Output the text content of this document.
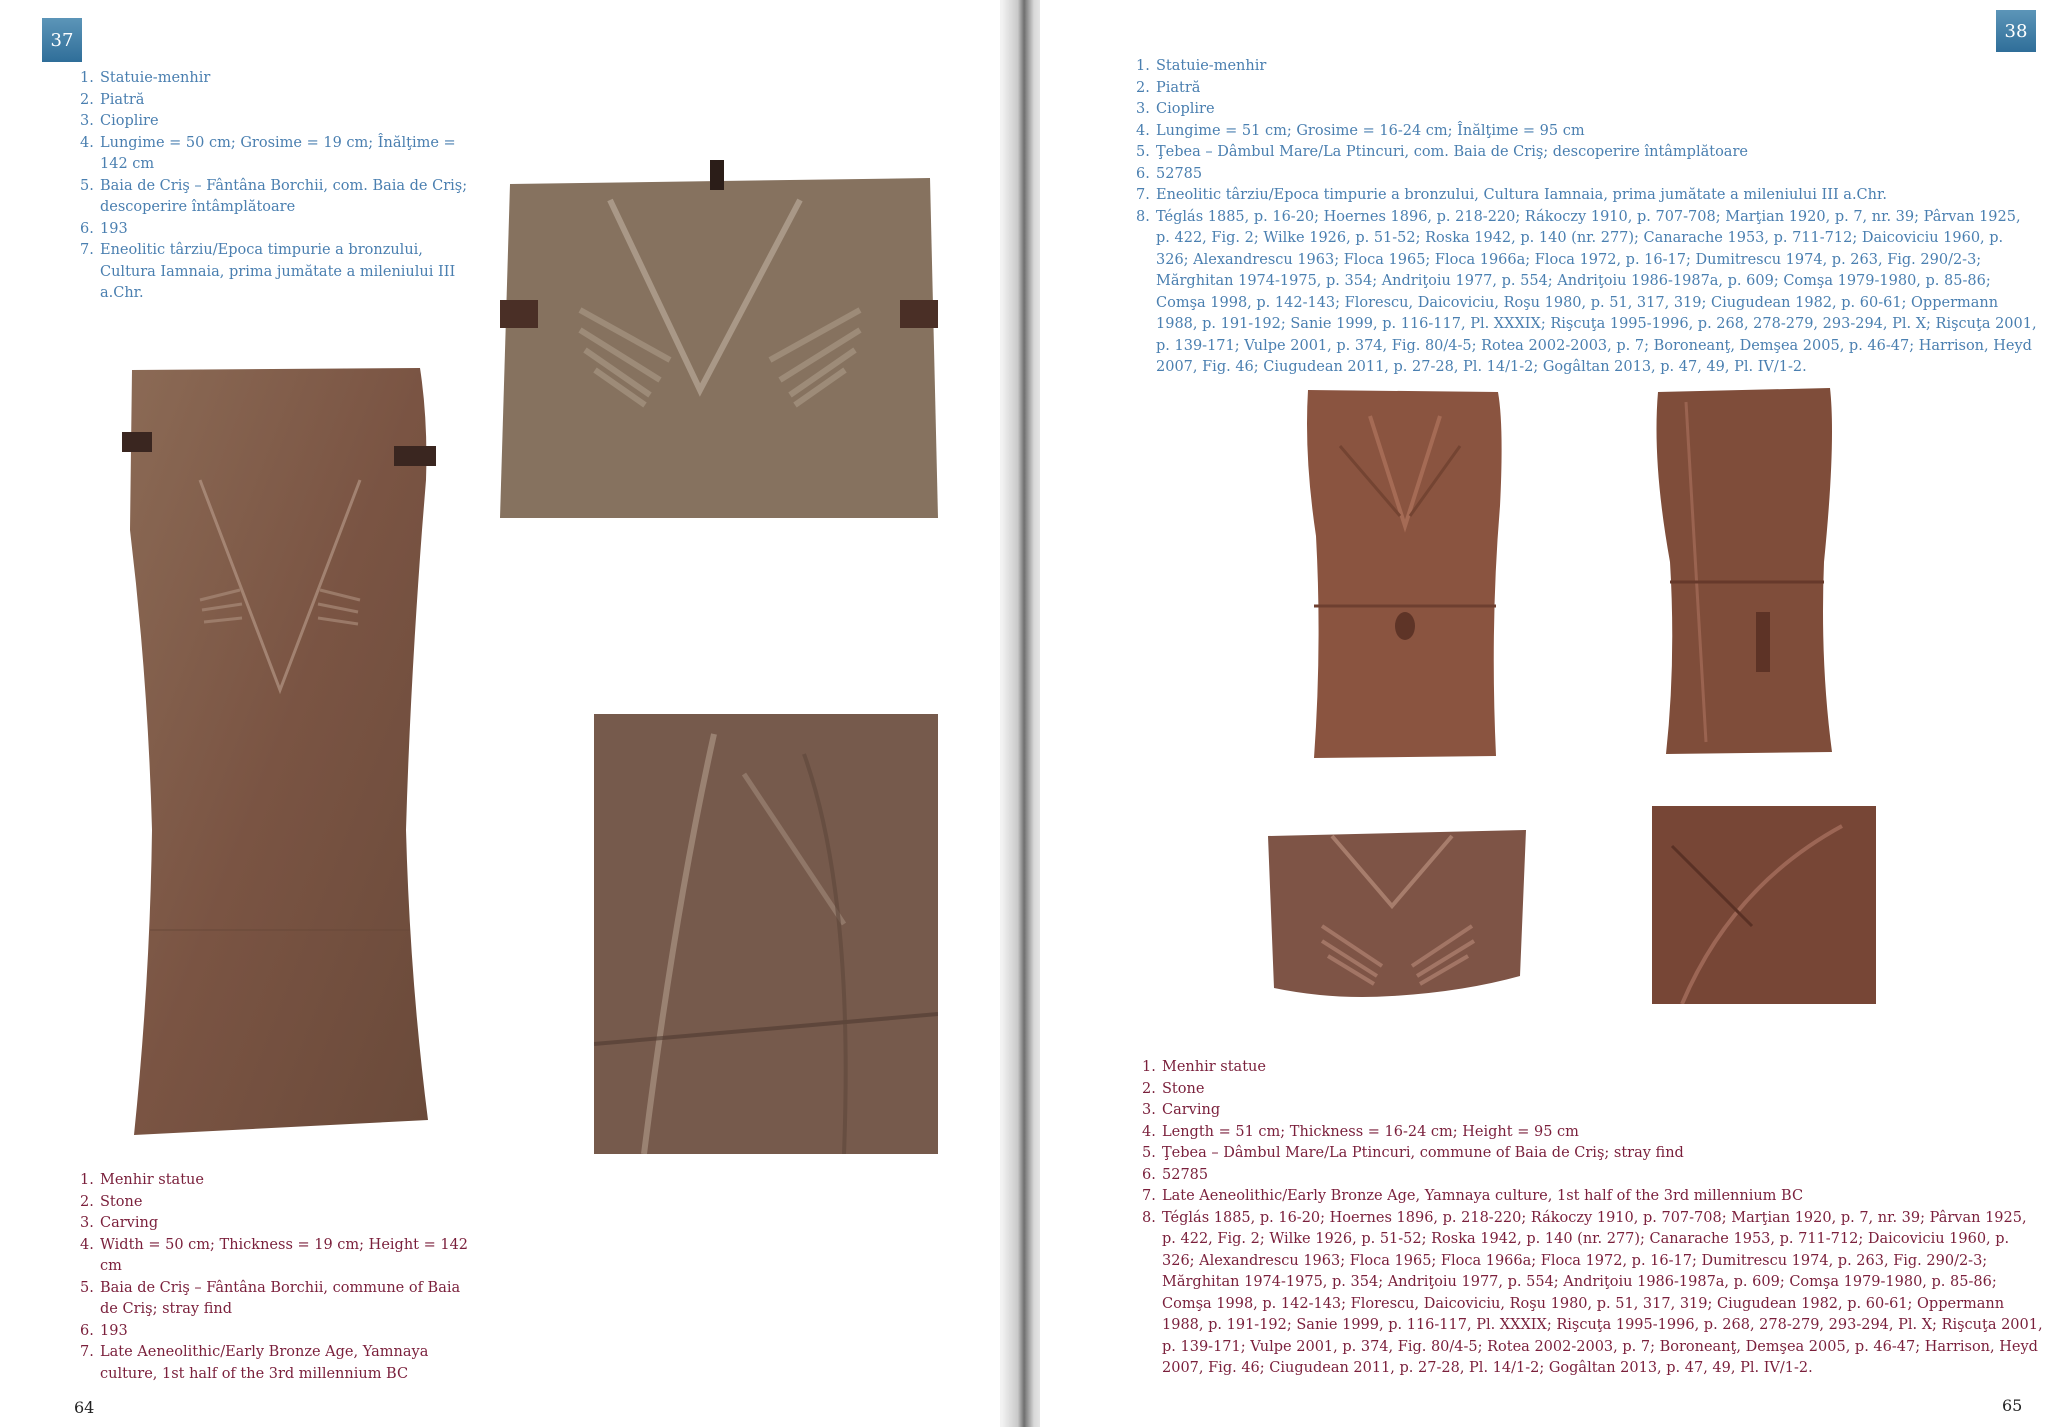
37
1. Statuie-menhir
2. Piatră
3. Cioplire
4. Lungime = 50 cm; Grosime = 19 cm; Înălţime = 142 cm
5. Baia de Criş – Fântâna Borchii, com. Baia de Criş; descoperire întâmplătoare
6. 193
7. Eneolitic târziu/Epoca timpurie a bronzului, Cultura Iamnaia, prima jumătate a mileniului III a.Chr.
1. Menhir statue
2. Stone
3. Carving
4. Width = 50 cm; Thickness = 19 cm; Height = 142 cm
5. Baia de Criş – Fântâna Borchii, commune of Baia de Criş; stray find
6. 193
7. Late Aeneolithic/Early Bronze Age, Yamnaya culture, 1st half of the 3rd millennium BC
64
38
1. Statuie-menhir
2. Piatră
3. Cioplire
4. Lungime = 51 cm; Grosime = 16-24 cm; Înălţime = 95 cm
5. Ţebea – Dâmbul Mare/La Ptincuri, com. Baia de Criş; descoperire întâmplătoare
6. 52785
7. Eneolitic târziu/Epoca timpurie a bronzului, Cultura Iamnaia, prima jumătate a mileniului III a.Chr.
8. Téglás 1885, p. 16-20; Hoernes 1896, p. 218-220; Rákoczy 1910, p. 707-708; Marţian 1920, p. 7, nr. 39; Pârvan 1925, p. 422, Fig. 2; Wilke 1926, p. 51-52; Roska 1942, p. 140 (nr. 277); Canarache 1953, p. 711-712; Daicoviciu 1960, p. 326; Alexandrescu 1963; Floca 1965; Floca 1966a; Floca 1972, p. 16-17; Dumitrescu 1974, p. 263, Fig. 290/2-3; Mărghitan 1974-1975, p. 354; Andriţoiu 1977, p. 554; Andriţoiu 1986-1987a, p. 609; Comşa 1979-1980, p. 85-86; Comşa 1998, p. 142-143; Florescu, Daicoviciu, Roşu 1980, p. 51, 317, 319; Ciugudean 1982, p. 60-61; Oppermann 1988, p. 191-192; Sanie 1999, p. 116-117, Pl. XXXIX; Rişcuţa 1995-1996, p. 268, 278-279, 293-294, Pl. X; Rişcuţa 2001, p. 139-171; Vulpe 2001, p. 374, Fig. 80/4-5; Rotea 2002-2003, p. 7; Boroneanţ, Demşea 2005, p. 46-47; Harrison, Heyd 2007, Fig. 46; Ciugudean 2011, p. 27-28, Pl. 14/1-2; Gogâltan 2013, p. 47, 49, Pl. IV/1-2.
1. Menhir statue
2. Stone
3. Carving
4. Length = 51 cm; Thickness = 16-24 cm; Height = 95 cm
5. Ţebea – Dâmbul Mare/La Ptincuri, commune of Baia de Criş; stray find
6. 52785
7. Late Aeneolithic/Early Bronze Age, Yamnaya culture, 1st half of the 3rd millennium BC
8. Téglás 1885, p. 16-20; Hoernes 1896, p. 218-220; Rákoczy 1910, p. 707-708; Marţian 1920, p. 7, nr. 39; Pârvan 1925, p. 422, Fig. 2; Wilke 1926, p. 51-52; Roska 1942, p. 140 (nr. 277); Canarache 1953, p. 711-712; Daicoviciu 1960, p. 326; Alexandrescu 1963; Floca 1965; Floca 1966a; Floca 1972, p. 16-17; Dumitrescu 1974, p. 263, Fig. 290/2-3; Mărghitan 1974-1975, p. 354; Andriţoiu 1977, p. 554; Andriţoiu 1986-1987a, p. 609; Comşa 1979-1980, p. 85-86; Comşa 1998, p. 142-143; Florescu, Daicoviciu, Roşu 1980, p. 51, 317, 319; Ciugudean 1982, p. 60-61; Oppermann 1988, p. 191-192; Sanie 1999, p. 116-117, Pl. XXXIX; Rişcuţa 1995-1996, p. 268, 278-279, 293-294, Pl. X; Rişcuţa 2001, p. 139-171; Vulpe 2001, p. 374, Fig. 80/4-5; Rotea 2002-2003, p. 7; Boroneanţ, Demşea 2005, p. 46-47; Harrison, Heyd 2007, Fig. 46; Ciugudean 2011, p. 27-28, Pl. 14/1-2; Gogâltan 2013, p. 47, 49, Pl. IV/1-2.
65
